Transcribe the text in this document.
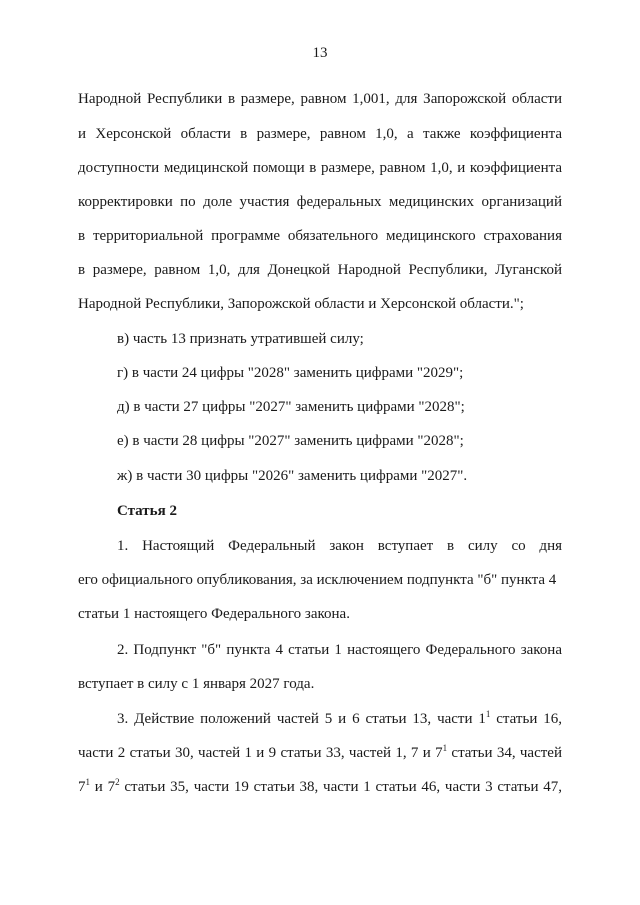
13
Народной Республики в размере, равном 1,001, для Запорожской области
и Херсонской области в размере, равном 1,0, а также коэффициента
доступности медицинской помощи в размере, равном 1,0, и коэффициента
корректировки по доле участия федеральных медицинских организаций
в территориальной программе обязательного медицинского страхования
в размере, равном 1,0, для Донецкой Народной Республики, Луганской
Народной Республики, Запорожской области и Херсонской области.";
в) часть 13 признать утратившей силу;
г) в части 24 цифры "2028" заменить цифрами "2029";
д) в части 27 цифры "2027" заменить цифрами "2028";
е) в части 28 цифры "2027" заменить цифрами "2028";
ж) в части 30 цифры "2026" заменить цифрами "2027".
Статья 2
1. Настоящий Федеральный закон вступает в силу со дня
его официального опубликования, за исключением подпункта "б" пункта 4
статьи 1 настоящего Федерального закона.
2. Подпункт "б" пункта 4 статьи 1 настоящего Федерального закона
вступает в силу с 1 января 2027 года.
3. Действие положений частей 5 и 6 статьи 13, части $1^1$ статьи 16,
части 2 статьи 30, частей 1 и 9 статьи 33, частей 1, 7 и $7^1$ статьи 34, частей
$7^1$ и $7^2$ статьи 35, части 19 статьи 38, части 1 статьи 46, части 3 статьи 47,
